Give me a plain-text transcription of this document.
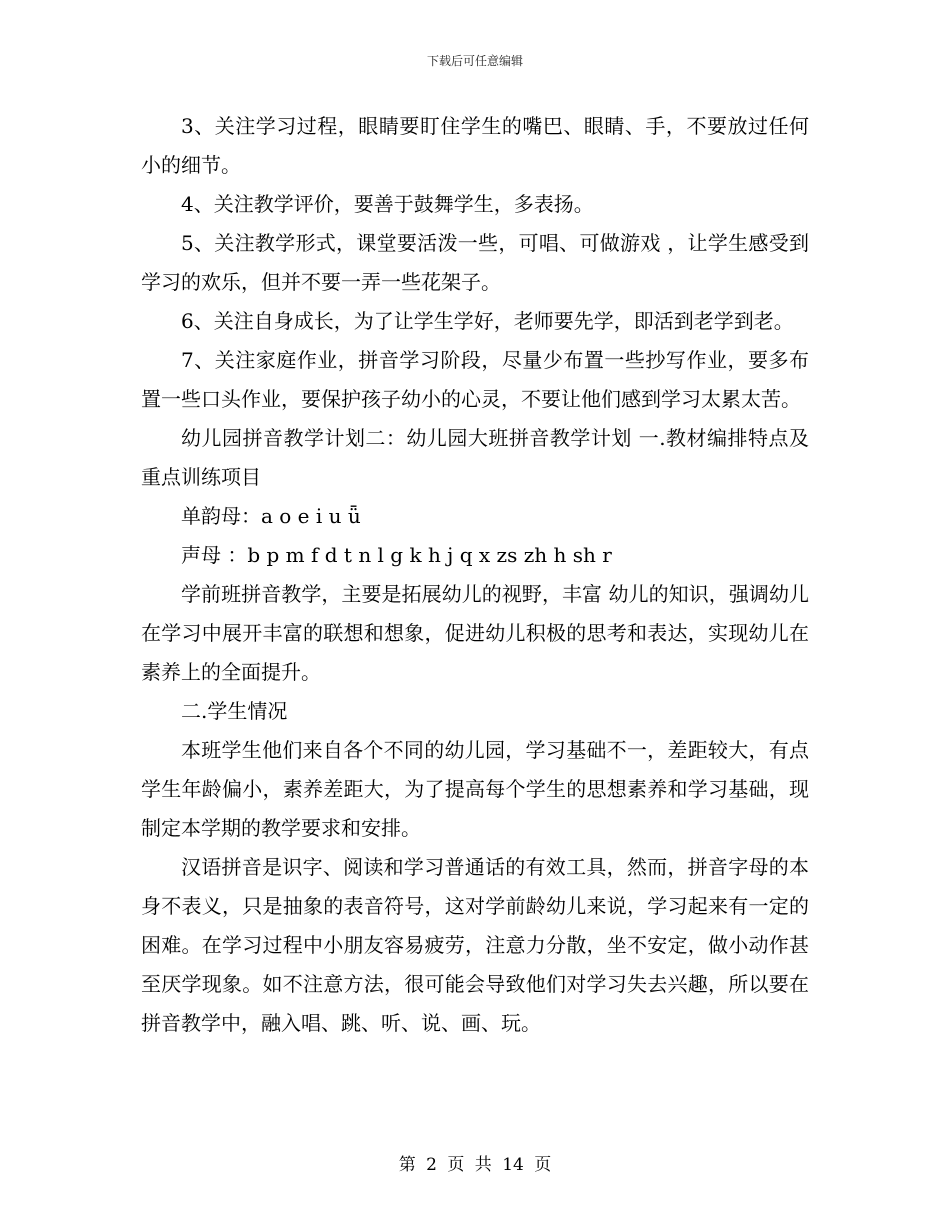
下载后可任意编辑

3、关注学习过程，眼睛要盯住学生的嘴巴、眼睛、手，不要放过任何小的细节。

4、关注教学评价，要善于鼓舞学生，多表扬。

5、关注教学形式，课堂要活泼一些，可唱、可做游戏 ，让学生感受到学习的欢乐，但并不要一弄一些花架子。

6、关注自身成长，为了让学生学好，老师要先学，即活到老学到老。

7、关注家庭作业，拼音学习阶段，尽量少布置一些抄写作业，要多布置一些口头作业，要保护孩子幼小的心灵，不要让他们感到学习太累太苦。

幼儿园拼音教学计划二：幼儿园大班拼音教学计划 一.教材编排特点及重点训练项目

单韵母：a o e i u ǖ

声母 ：b p m f d t n l g k h j q x zs zh h sh r

学前班拼音教学，主要是拓展幼儿的视野，丰富 幼儿的知识，强调幼儿在学习中展开丰富的联想和想象，促进幼儿积极的思考和表达，实现幼儿在素养上的全面提升。

二.学生情况

本班学生他们来自各个不同的幼儿园，学习基础不一，差距较大，有点学生年龄偏小，素养差距大，为了提高每个学生的思想素养和学习基础，现制定本学期的教学要求和安排。

汉语拼音是识字、阅读和学习普通话的有效工具，然而，拼音字母的本身不表义，只是抽象的表音符号，这对学前龄幼儿来说，学习起来有一定的困难。在学习过程中小朋友容易疲劳，注意力分散，坐不安定，做小动作甚至厌学现象。如不注意方法，很可能会导致他们对学习失去兴趣，所以要在拼音教学中，融入唱、跳、听、说、画、玩。

第 2 页 共 14 页
